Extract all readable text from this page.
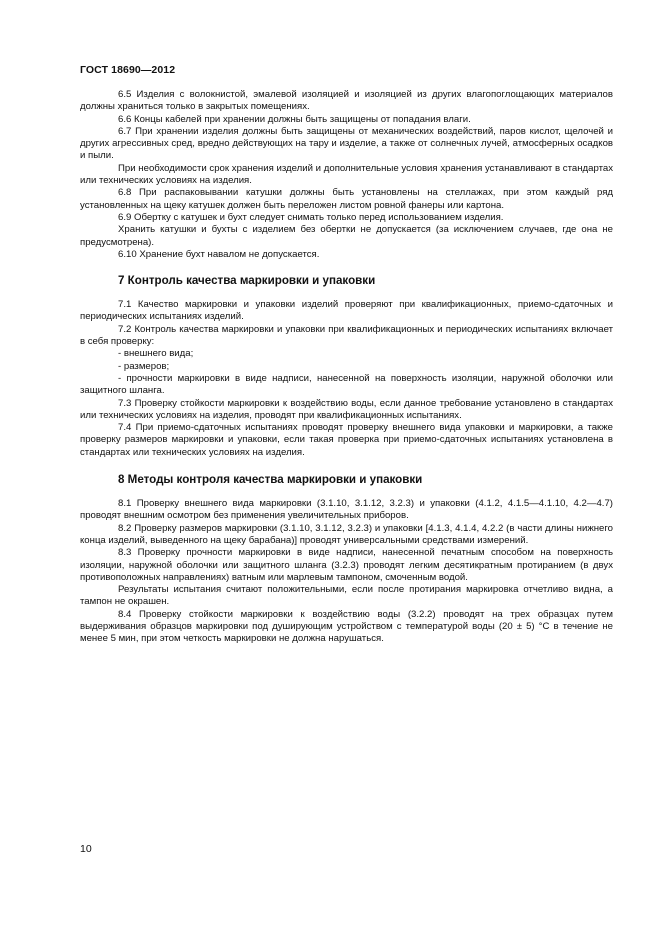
ГОСТ 18690—2012

6.5 Изделия с волокнистой, эмалевой изоляцией и изоляцией из других влагопоглощающих материалов должны храниться только в закрытых помещениях.

6.6 Концы кабелей при хранении должны быть защищены от попадания влаги.

6.7 При хранении изделия должны быть защищены от механических воздействий, паров кислот, щелочей и других агрессивных сред, вредно действующих на тару и изделие, а также от солнечных лучей, атмосферных осадков и пыли.

При необходимости срок хранения изделий и дополнительные условия хранения устанавливают в стандартах или технических условиях на изделия.

6.8 При распаковывании катушки должны быть установлены на стеллажах, при этом каждый ряд установленных на щеку катушек должен быть переложен листом ровной фанеры или картона.

6.9 Обертку с катушек и бухт следует снимать только перед использованием изделия.

Хранить катушки и бухты с изделием без обертки не допускается (за исключением случаев, где она не предусмотрена).

6.10 Хранение бухт навалом не допускается.

7 Контроль качества маркировки и упаковки

7.1 Качество маркировки и упаковки изделий проверяют при квалификационных, приемо-сдаточных и периодических испытаниях изделий.

7.2 Контроль качества маркировки и упаковки при квалификационных и периодических испытаниях включает в себя проверку:

- внешнего вида;

- размеров;

- прочности маркировки в виде надписи, нанесенной на поверхность изоляции, наружной оболочки или защитного шланга.

7.3 Проверку стойкости маркировки к воздействию воды, если данное требование установлено в стандартах или технических условиях на изделия, проводят при квалификационных испытаниях.

7.4 При приемо-сдаточных испытаниях проводят проверку внешнего вида упаковки и маркировки, а также проверку размеров маркировки и упаковки, если такая проверка при приемо-сдаточных испытаниях установлена в стандартах или технических условиях на изделия.

8 Методы контроля качества маркировки и упаковки

8.1 Проверку внешнего вида маркировки (3.1.10, 3.1.12, 3.2.3) и упаковки (4.1.2, 4.1.5—4.1.10, 4.2—4.7) проводят внешним осмотром без применения увеличительных приборов.

8.2 Проверку размеров маркировки (3.1.10, 3.1.12, 3.2.3) и упаковки [4.1.3, 4.1.4, 4.2.2 (в части длины нижнего конца изделий, выведенного на щеку барабана)] проводят универсальными средствами измерений.

8.3 Проверку прочности маркировки в виде надписи, нанесенной печатным способом на поверхность изоляции, наружной оболочки или защитного шланга (3.2.3) проводят легким десятикратным протиранием (в двух противоположных направлениях) ватным или марлевым тампоном, смоченным водой.

Результаты испытания считают положительными, если после протирания маркировка отчетливо видна, а тампон не окрашен.

8.4 Проверку стойкости маркировки к воздействию воды (3.2.2) проводят на трех образцах путем выдерживания образцов маркировки под душирующим устройством с температурой воды (20 ± 5) °С в течение не менее 5 мин, при этом четкость маркировки не должна нарушаться.

10
